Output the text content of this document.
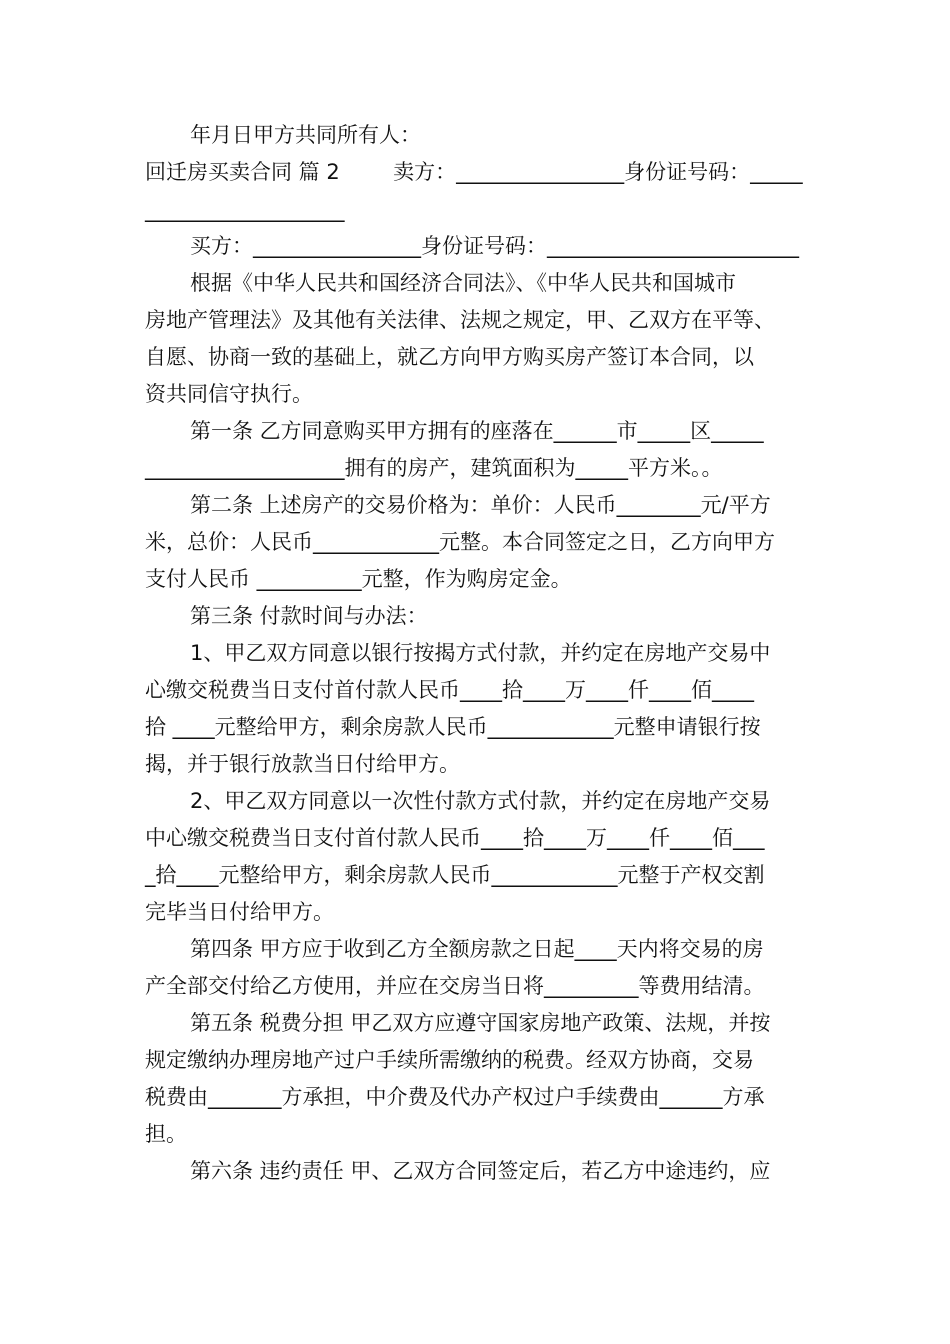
年月日甲方共同所有人：

回迁房买卖合同 篇 2        卖方：________________身份证号码：_____

___________________

买方：________________身份证号码：________________________

根据《中华人民共和国经济合同法》、《中华人民共和国城市

房地产管理法》及其他有关法律、法规之规定，甲、乙双方在平等、

自愿、协商一致的基础上，就乙方向甲方购买房产签订本合同，以

资共同信守执行。

第一条 乙方同意购买甲方拥有的座落在______市_____区_____

___________________拥有的房产，建筑面积为_____平方米。。

第二条 上述房产的交易价格为：单价：人民币________元/平方

米，总价：人民币____________元整。本合同签定之日，乙方向甲方

支付人民币 __________元整，作为购房定金。

第三条 付款时间与办法：

1、甲乙双方同意以银行按揭方式付款，并约定在房地产交易中

心缴交税费当日支付首付款人民币____拾____万____仟____佰____

拾 ____元整给甲方，剩余房款人民币____________元整申请银行按

揭，并于银行放款当日付给甲方。

2、甲乙双方同意以一次性付款方式付款，并约定在房地产交易

中心缴交税费当日支付首付款人民币____拾____万____仟____佰___

_拾____元整给甲方，剩余房款人民币____________元整于产权交割

完毕当日付给甲方。

第四条 甲方应于收到乙方全额房款之日起____天内将交易的房

产全部交付给乙方使用，并应在交房当日将_________等费用结清。

第五条 税费分担 甲乙双方应遵守国家房地产政策、法规，并按

规定缴纳办理房地产过户手续所需缴纳的税费。经双方协商，交易

税费由_______方承担，中介费及代办产权过户手续费由______方承

担。

第六条 违约责任 甲、乙双方合同签定后，若乙方中途违约，应
